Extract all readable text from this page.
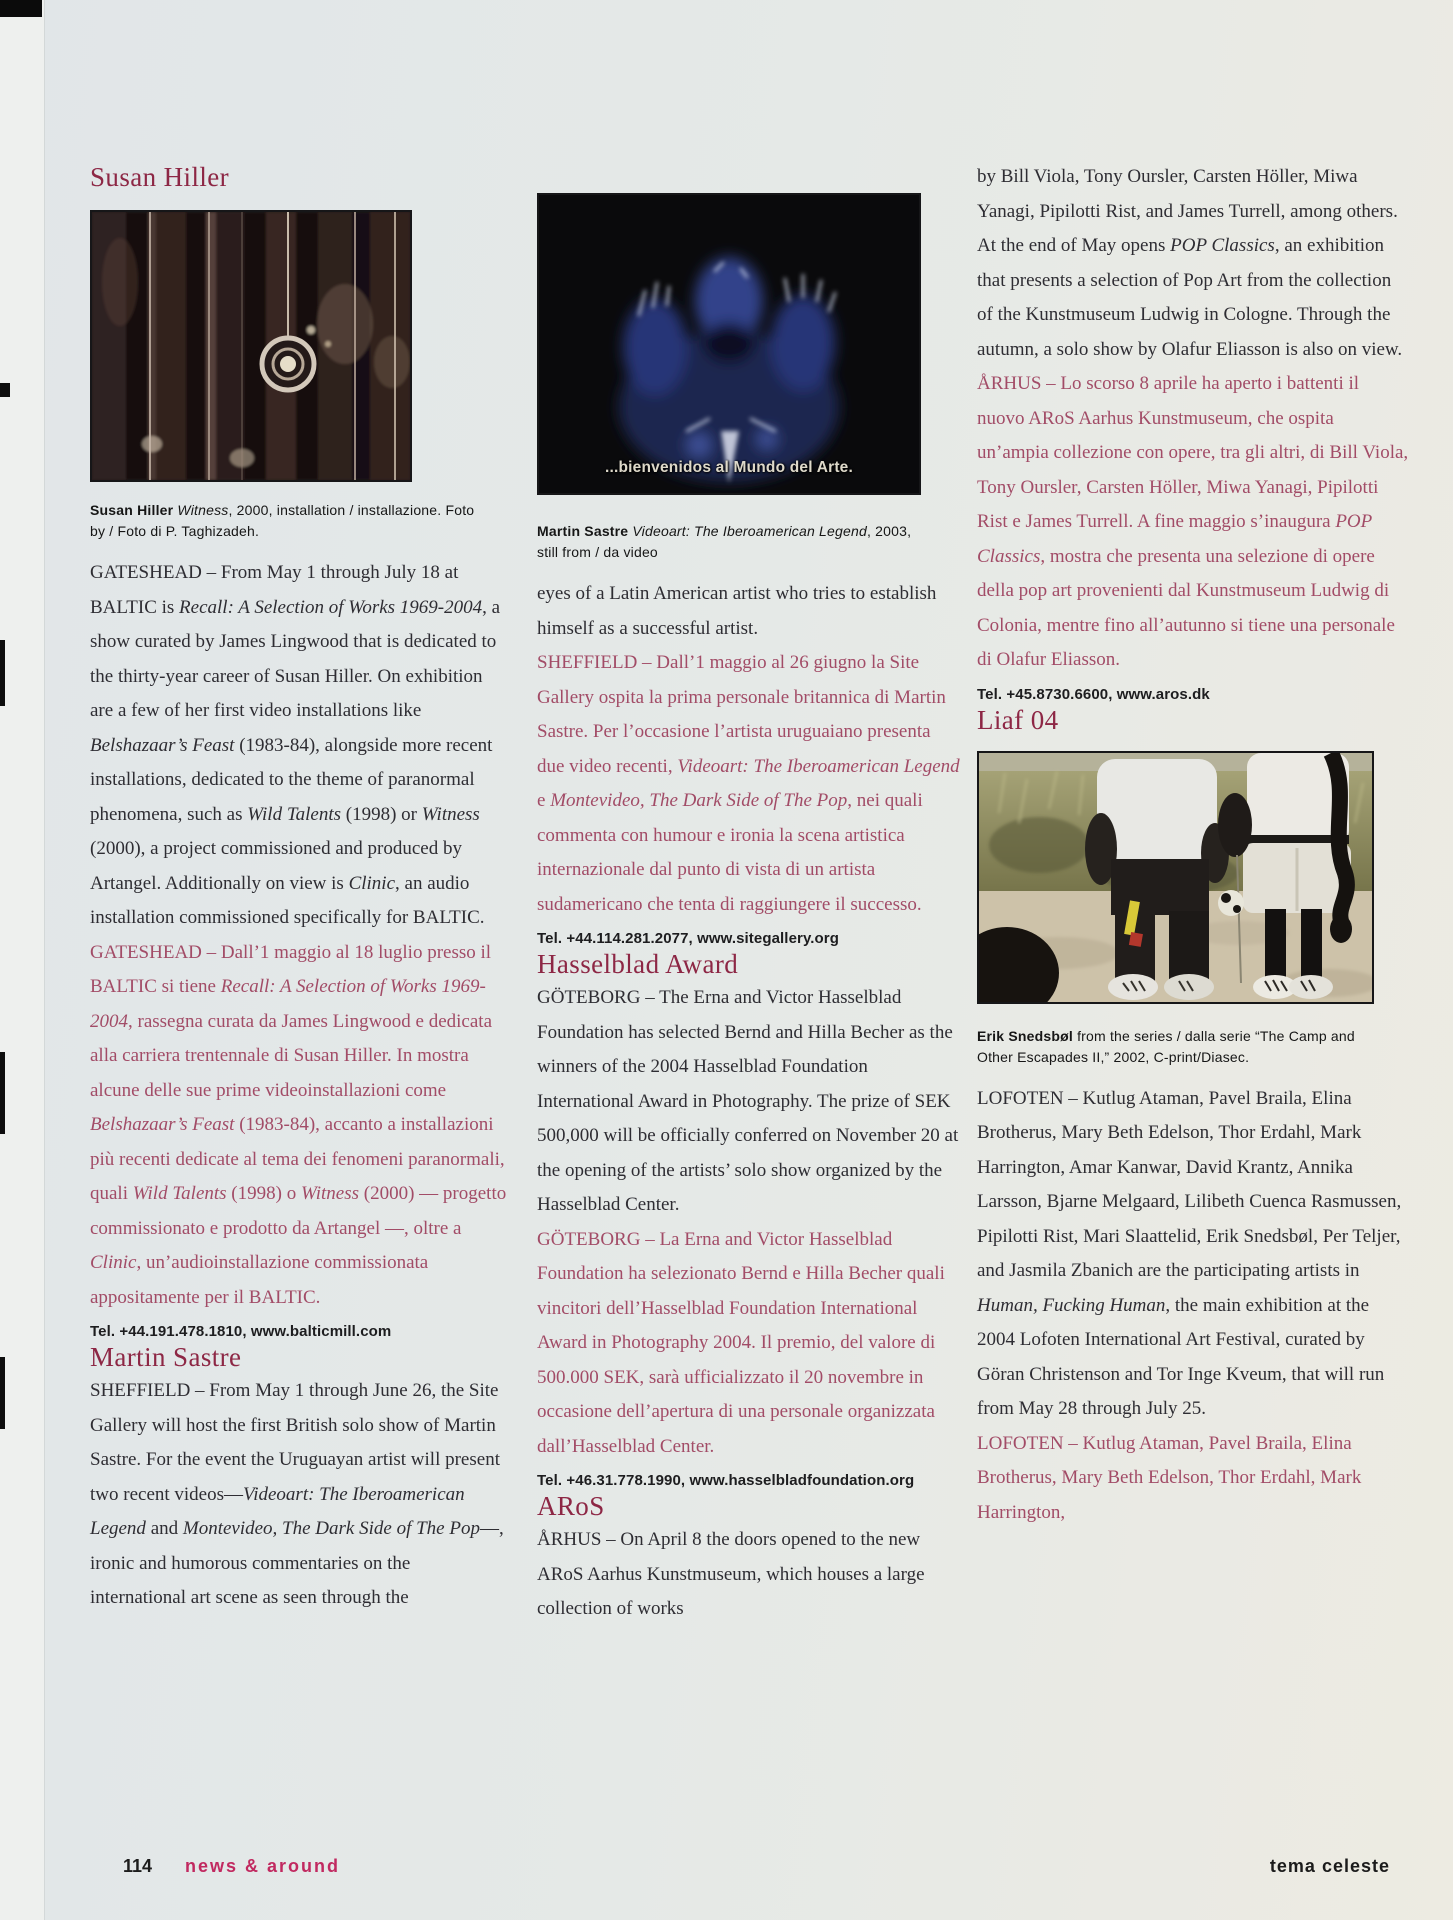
Susan Hiller

Susan Hiller Witness, 2000, installation / installazione. Foto by / Foto di P. Taghizadeh.

GATESHEAD – From May 1 through July 18 at BALTIC is Recall: A Selection of Works 1969-2004, a show curated by James Lingwood that is dedicated to the thirty-year career of Susan Hiller. On exhibition are a few of her first video installations like Belshazaar’s Feast (1983-84), alongside more recent installations, dedicated to the theme of paranormal phenomena, such as Wild Talents (1998) or Witness (2000), a project commissioned and produced by Artangel. Additionally on view is Clinic, an audio installation commissioned specifically for BALTIC.

GATESHEAD – Dall’1 maggio al 18 luglio presso il BALTIC si tiene Recall: A Selection of Works 1969-2004, rassegna curata da James Lingwood e dedicata alla carriera trentennale di Susan Hiller. In mostra alcune delle sue prime videoinstallazioni come Belshazaar’s Feast (1983-84), accanto a installazioni più recenti dedicate al tema dei fenomeni paranormali, quali Wild Talents (1998) o Witness (2000) — progetto commissionato e prodotto da Artangel —, oltre a Clinic, un’audioinstallazione commissionata appositamente per il BALTIC.

Tel. +44.191.478.1810, www.balticmill.com

Martin Sastre

SHEFFIELD – From May 1 through June 26, the Site Gallery will host the first British solo show of Martin Sastre. For the event the Uruguayan artist will present two recent videos—Videoart: The Iberoamerican Legend and Montevideo, The Dark Side of The Pop—, ironic and humorous commentaries on the international art scene as seen through the

...bienvenidos al Mundo del Arte.

Martin Sastre Videoart: The Iberoamerican Legend, 2003, still from / da video

eyes of a Latin American artist who tries to establish himself as a successful artist.

SHEFFIELD – Dall’1 maggio al 26 giugno la Site Gallery ospita la prima personale britannica di Martin Sastre. Per l’occasione l’artista uruguaiano presenta due video recenti, Videoart: The Iberoamerican Legend e Montevideo, The Dark Side of The Pop, nei quali commenta con humour e ironia la scena artistica internazionale dal punto di vista di un artista sudamericano che tenta di raggiungere il successo.

Tel. +44.114.281.2077, www.sitegallery.org

Hasselblad Award

GÖTEBORG – The Erna and Victor Hasselblad Foundation has selected Bernd and Hilla Becher as the winners of the 2004 Hasselblad Foundation International Award in Photography. The prize of SEK 500,000 will be officially conferred on November 20 at the opening of the artists’ solo show organized by the Hasselblad Center.

GÖTEBORG – La Erna and Victor Hasselblad Foundation ha selezionato Bernd e Hilla Becher quali vincitori dell’Hasselblad Foundation International Award in Photography 2004. Il premio, del valore di 500.000 SEK, sarà ufficializzato il 20 novembre in occasione dell’apertura di una personale organizzata dall’Hasselblad Center.

Tel. +46.31.778.1990, www.hasselbladfoundation.org

ARoS

ÅRHUS – On April 8 the doors opened to the new ARoS Aarhus Kunstmuseum, which houses a large collection of works

by Bill Viola, Tony Oursler, Carsten Höller, Miwa Yanagi, Pipilotti Rist, and James Turrell, among others. At the end of May opens POP Classics, an exhibition that presents a selection of Pop Art from the collection of the Kunstmuseum Ludwig in Cologne. Through the autumn, a solo show by Olafur Eliasson is also on view.

ÅRHUS – Lo scorso 8 aprile ha aperto i battenti il nuovo ARoS Aarhus Kunstmuseum, che ospita un’ampia collezione con opere, tra gli altri, di Bill Viola, Tony Oursler, Carsten Höller, Miwa Yanagi, Pipilotti Rist e James Turrell. A fine maggio s’inaugura POP Classics, mostra che presenta una selezione di opere della pop art provenienti dal Kunstmuseum Ludwig di Colonia, mentre fino all’autunno si tiene una personale di Olafur Eliasson.

Tel. +45.8730.6600, www.aros.dk

Liaf 04

Erik Snedsbøl from the series / dalla serie “The Camp and Other Escapades II,” 2002, C-print/Diasec.

LOFOTEN – Kutlug Ataman, Pavel Braila, Elina Brotherus, Mary Beth Edelson, Thor Erdahl, Mark Harrington, Amar Kanwar, David Krantz, Annika Larsson, Bjarne Melgaard, Lilibeth Cuenca Rasmussen, Pipilotti Rist, Mari Slaattelid, Erik Snedsbøl, Per Teljer, and Jasmila Zbanich are the participating artists in Human, Fucking Human, the main exhibition at the 2004 Lofoten International Art Festival, curated by Göran Christenson and Tor Inge Kveum, that will run from May 28 through July 25.

LOFOTEN – Kutlug Ataman, Pavel Braila, Elina Brotherus, Mary Beth Edelson, Thor Erdahl, Mark Harrington,

114 news & around	tema celeste
